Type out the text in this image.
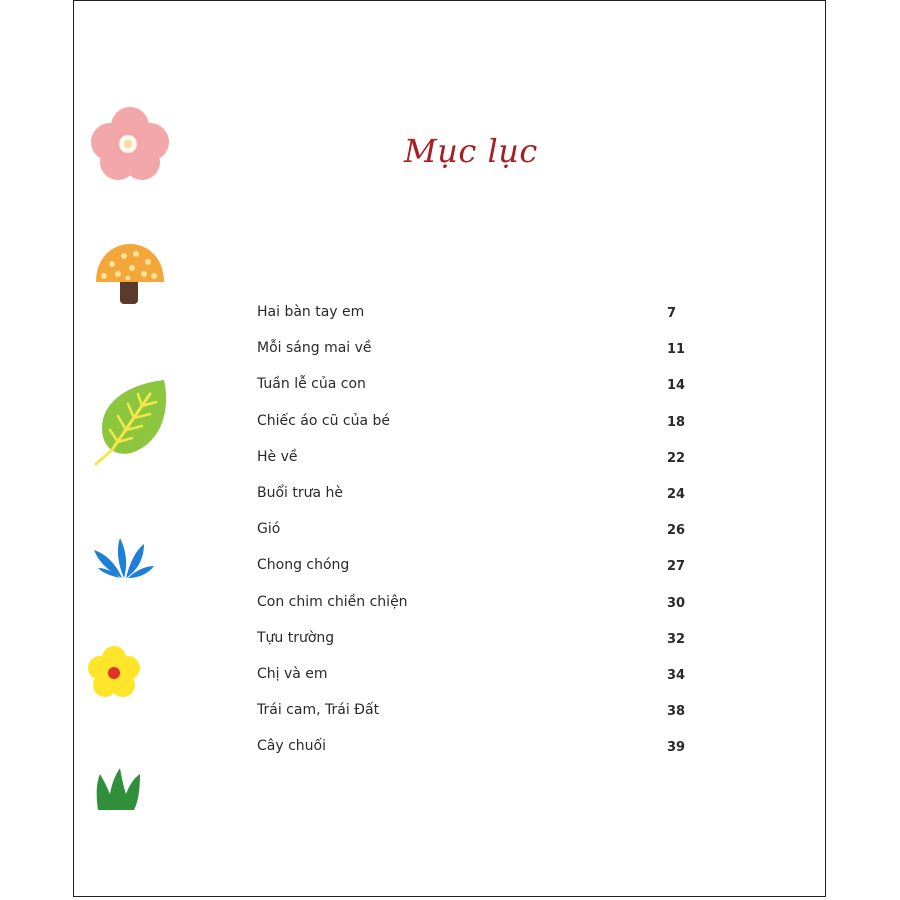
Mục lục
Hai bàn tay em	7
Mỗi sáng mai về	11
Tuần lễ của con	14
Chiếc áo cũ của bé	18
Hè về	22
Buổi trưa hè	24
Gió	26
Chong chóng	27
Con chim chiền chiện	30
Tựu trường	32
Chị và em	34
Trái cam, Trái Đất	38
Cây chuối	39
